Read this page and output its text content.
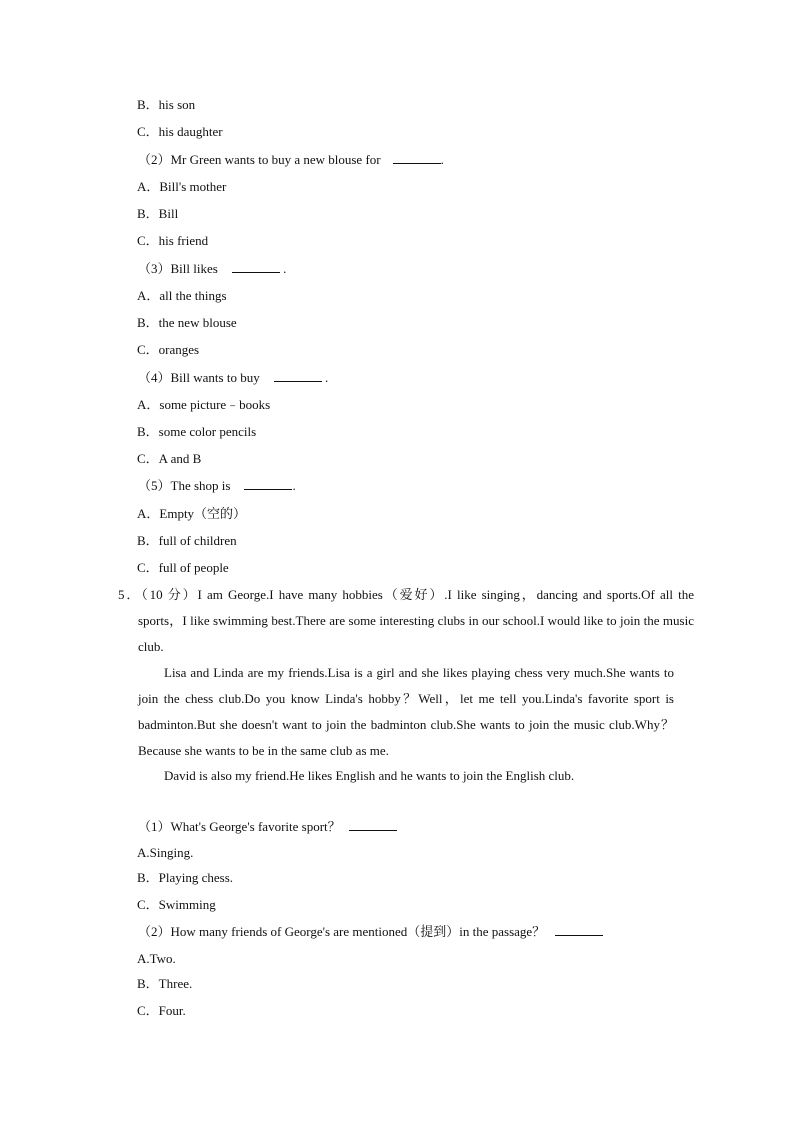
B．his son
C．his daughter
（2）Mr Green wants to buy a new blouse for	.
A．Bill's mother
B．Bill
C．his friend
（3）Bill likes	.
A．all the things
B．the new blouse
C．oranges
（4）Bill wants to buy	.
A．some picture﹣books
B．some color pencils
C．A and B
（5）The shop is	.
A．Empty（空的）
B．full of children
C．full of people
5．（10 分）I am George.I have many hobbies（爱好）.I like singing，dancing and sports.Of all the sports，I like swimming best.There are some interesting clubs in our school.I would like to join the music club.
Lisa and Linda are my friends.Lisa is a girl and she likes playing chess very much.She wants to join the chess club.Do you know Linda's hobby？Well，let me tell you.Linda's favorite sport is badminton.But she doesn't want to join the badminton club.She wants to join the music club.Why？Because she wants to be in the same club as me.
David is also my friend.He likes English and he wants to join the English club.
（1）What's George's favorite sport？
A.Singing.
B．Playing chess.
C．Swimming
（2）How many friends of George's are mentioned（提到）in the passage？
A.Two.
B．Three.
C．Four.
